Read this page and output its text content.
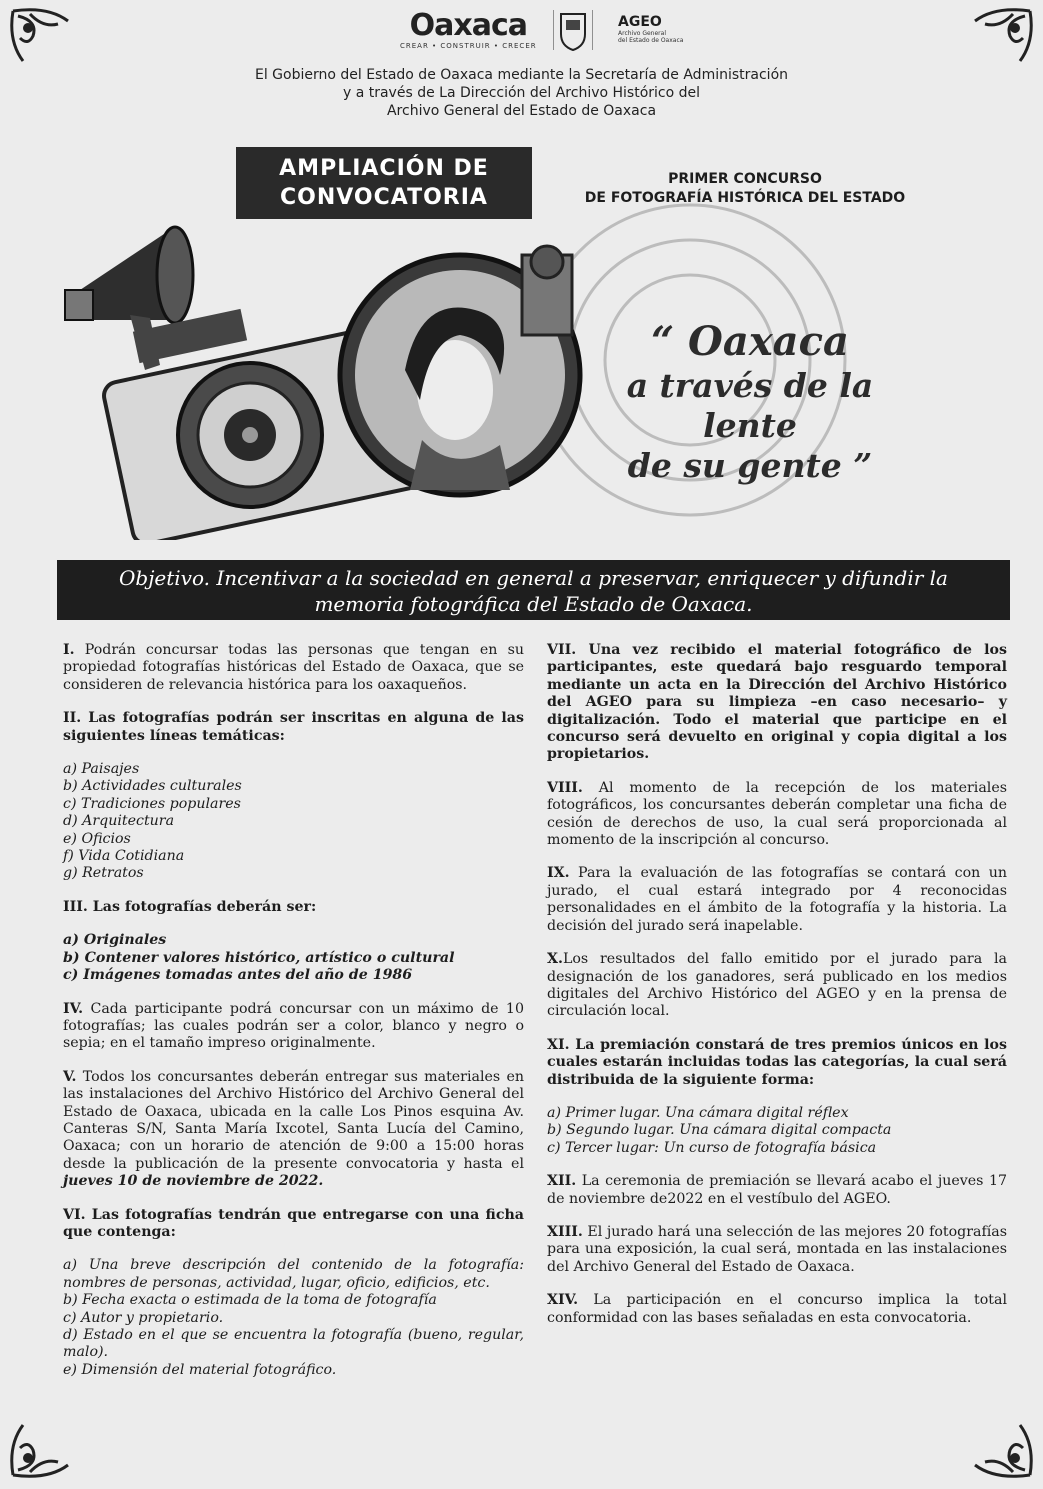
Oaxaca
CREAR • CONSTRUIR • CRECER
AGEO
Archivo General
del Estado de Oaxaca
El Gobierno del Estado de Oaxaca mediante la Secretaría de Administración
y a través de La Dirección del Archivo Histórico del
Archivo General del Estado de Oaxaca
AMPLIACIÓN DE
CONVOCATORIA
PRIMER CONCURSO
DE FOTOGRAFÍA HISTÓRICA DEL ESTADO
“ Oaxaca
a través de la lente
de su gente ”
Objetivo. Incentivar a la sociedad en general a preservar, enriquecer y difundir la
memoria fotográfica del Estado de Oaxaca.

I. Podrán concursar todas las personas que tengan en su propiedad fotografías históricas del Estado de Oaxaca, que se consideren de relevancia histórica para los oaxaqueños.

II. Las fotografías podrán ser inscritas en alguna de las siguientes líneas temáticas:

a) Paisajes
b) Actividades culturales
c) Tradiciones populares
d) Arquitectura
e) Oficios
f) Vida Cotidiana
g) Retratos

III. Las fotografías deberán ser:

a) Originales
b) Contener valores histórico, artístico o cultural
c) Imágenes tomadas antes del año de 1986

IV. Cada participante podrá concursar con un máximo de 10 fotografías; las cuales podrán ser a color, blanco y negro o sepia; en el tamaño impreso originalmente.

V. Todos los concursantes deberán entregar sus materiales en las instalaciones del Archivo Histórico del Archivo General del Estado de Oaxaca, ubicada en la calle Los Pinos esquina Av. Canteras S/N, Santa María Ixcotel, Santa Lucía del Camino, Oaxaca; con un horario de atención de 9:00 a 15:00 horas desde la publicación de la presente convocatoria y hasta el jueves 10 de noviembre de 2022.

VI. Las fotografías tendrán que entregarse con una ficha que contenga:

a) Una breve descripción del contenido de la fotografía: nombres de personas, actividad, lugar, oficio, edificios, etc.
b) Fecha exacta o estimada de la toma de fotografía
c) Autor y propietario.
d) Estado en el que se encuentra la fotografía (bueno, regular, malo).
e) Dimensión del material fotográfico.

VII. Una vez recibido el material fotográfico de los participantes, este quedará bajo resguardo temporal mediante un acta en la Dirección del Archivo Histórico del AGEO para su limpieza –en caso necesario– y digitalización. Todo el material que participe en el concurso será devuelto en original y copia digital a los propietarios.

VIII. Al momento de la recepción de los materiales fotográficos, los concursantes deberán completar una ficha de cesión de derechos de uso, la cual será proporcionada al momento de la inscripción al concurso.

IX. Para la evaluación de las fotografías se contará con un jurado, el cual estará integrado por 4 reconocidas personalidades en el ámbito de la fotografía y la historia. La decisión del jurado será inapelable.

X.Los resultados del fallo emitido por el jurado para la designación de los ganadores, será publicado en los medios digitales del Archivo Histórico del AGEO y en la prensa de circulación local.

XI. La premiación constará de tres premios únicos en los cuales estarán incluidas todas las categorías, la cual será distribuida de la siguiente forma:

a) Primer lugar. Una cámara digital réflex
b) Segundo lugar. Una cámara digital compacta
c) Tercer lugar: Un curso de fotografía básica

XII. La ceremonia de premiación se llevará acabo el jueves 17 de noviembre de2022 en el vestíbulo del AGEO.

XIII. El jurado hará una selección de las mejores 20 fotografías para una exposición, la cual será, montada en las instalaciones del Archivo General del Estado de Oaxaca.

XIV. La participación en el concurso implica la total conformidad con las bases señaladas en esta convocatoria.
